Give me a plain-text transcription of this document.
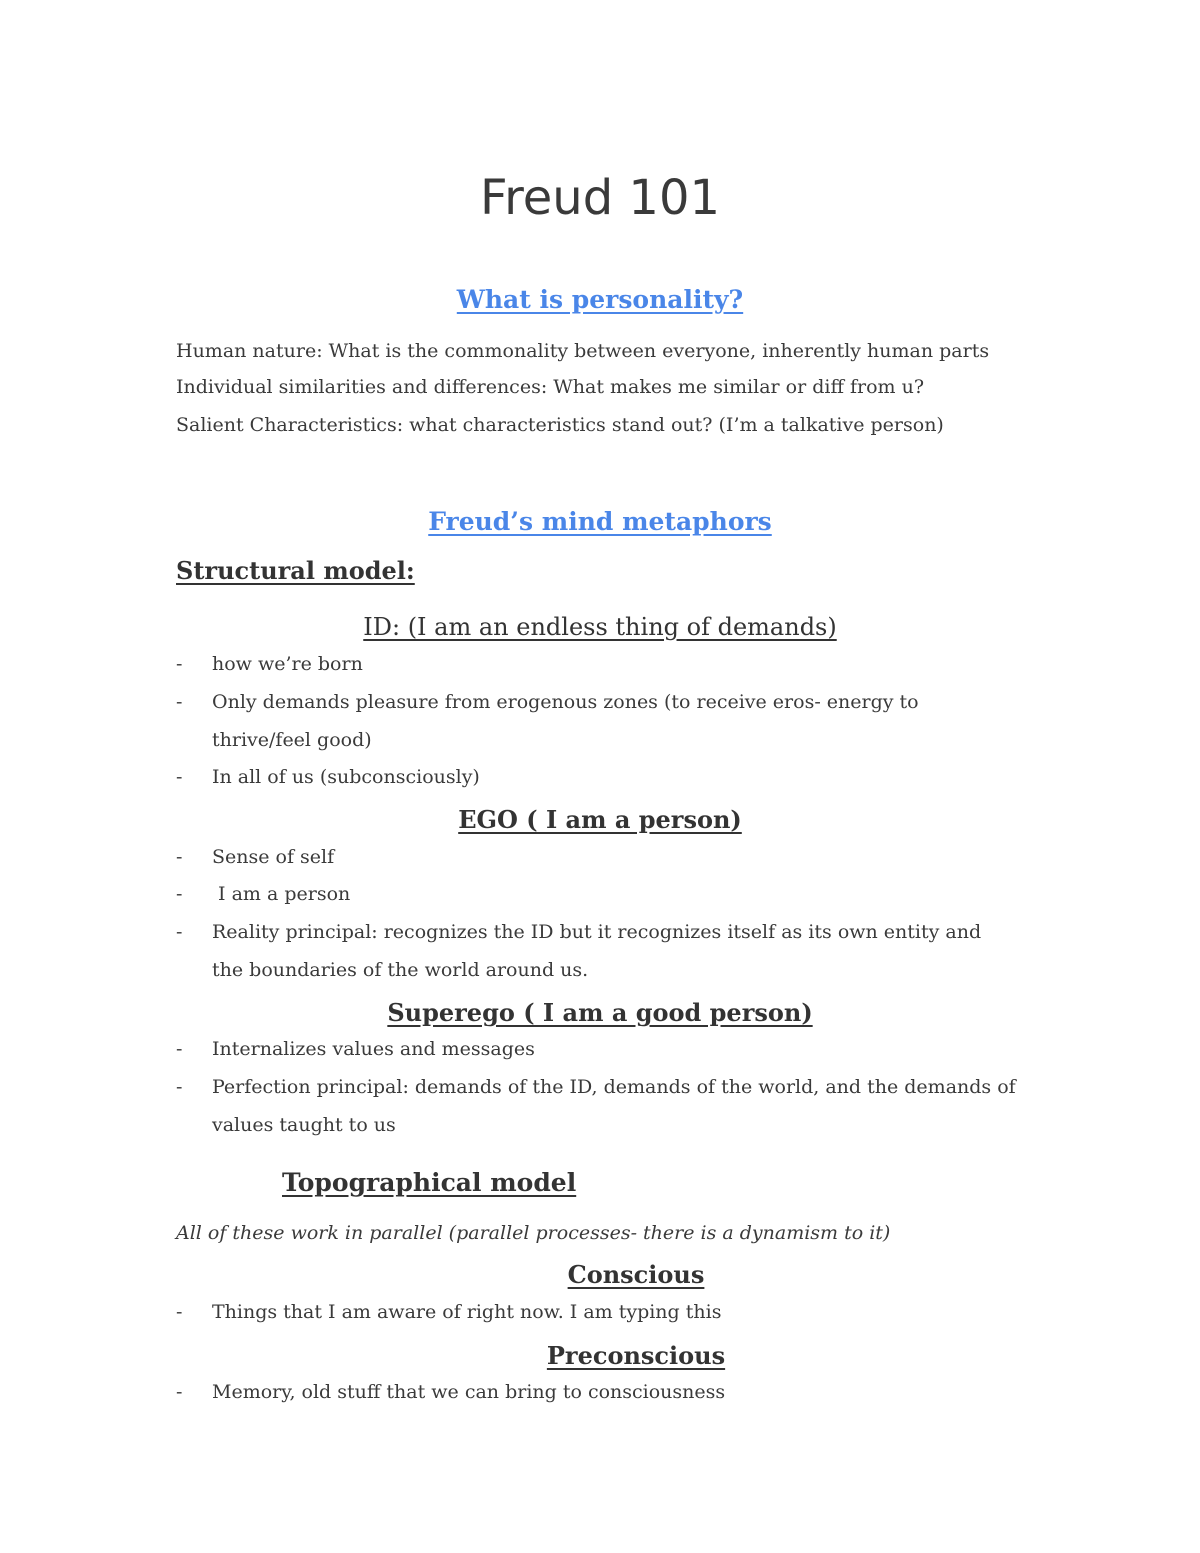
Freud 101
What is personality?
Human nature: What is the commonality between everyone, inherently human parts
Individual similarities and differences: What makes me similar or diff from u?
Salient Characteristics: what characteristics stand out? (I’m a talkative person)
Freud’s mind metaphors
Structural model:
ID: (I am an endless thing of demands)
-	how we’re born
-	Only demands pleasure from erogenous zones (to receive eros- energy to thrive/feel good)
-	In all of us (subconsciously)
EGO ( I am a person)
-	Sense of self
-	I am a person
-	Reality principal: recognizes the ID but it recognizes itself as its own entity and the boundaries of the world around us.
Superego ( I am a good person)
-	Internalizes values and messages
-	Perfection principal: demands of the ID, demands of the world, and the demands of values taught to us
Topographical model
All of these work in parallel (parallel processes- there is a dynamism to it)
Conscious
-	Things that I am aware of right now. I am typing this
Preconscious
-	Memory, old stuff that we can bring to consciousness
